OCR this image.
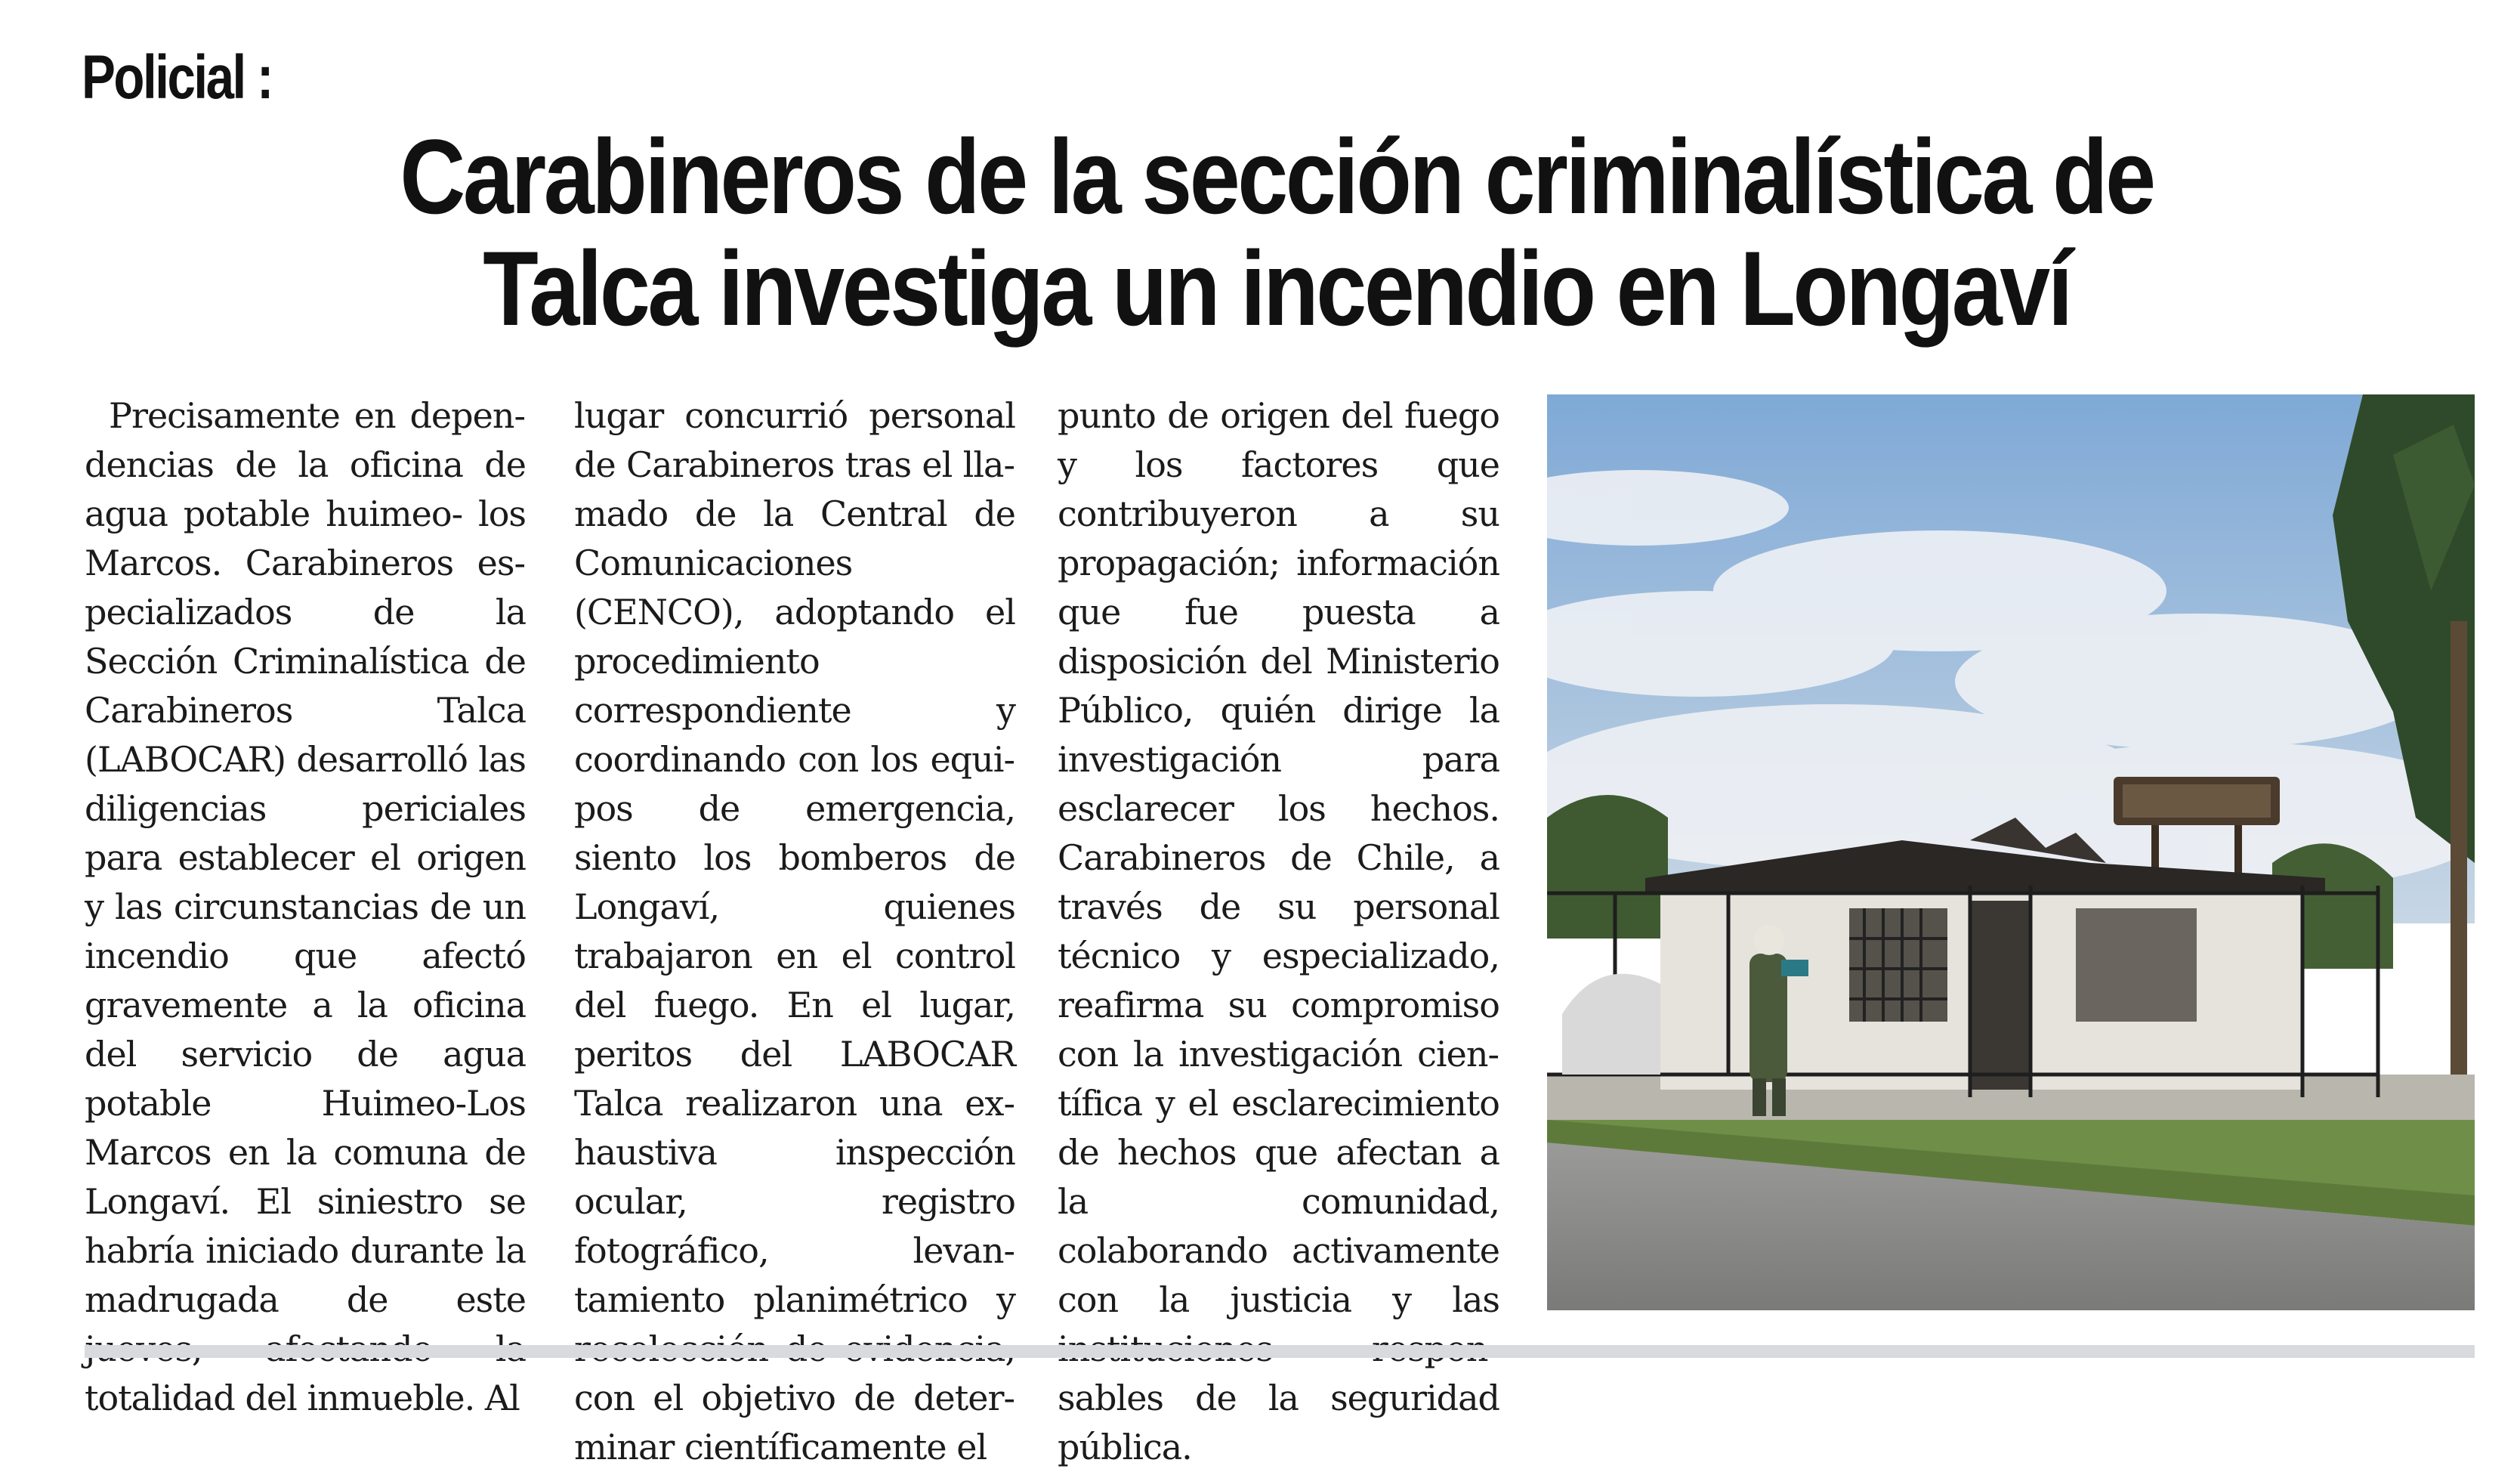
Policial :
Carabineros de la sección criminalística de
Talca investiga un incendio en Longaví

Precisamente en dependencias de la oficina de agua potable huimeo- los Marcos. Carabineros especializados de la Sección Criminalística de Carabineros Talca (LABOCAR) desarrolló las diligencias periciales para establecer el origen y las circunstancias de un incendio que afectó gravemente a la oficina del servicio de agua potable Huimeo-Los Marcos en la comuna de Longaví. El siniestro se habría iniciado durante la madrugada de este totalidad del inmueble. Al

lugar concurrió personal de Carabineros tras el llamado de la Central de Comunicaciones (CENCO), adoptando el procedimiento correspondiente y coordinando con los equipos de emergencia, siento los bomberos de Longaví, quienes trabajaron en el control del fuego. En el lugar, peritos del LABOCAR Talca realizaron una exhaustiva inspección ocular, registro fotográfico, levantamiento planimétrico y con el objetivo de determinar científicamente el

punto de origen del fuego y los factores que contribuyeron a su propagación; información que fue puesta a disposición del Ministerio Público, quién dirige la investigación para esclarecer los hechos. Carabineros de Chile, a través de su personal técnico y especializado, reafirma su compromiso con la investigación científica y el esclarecimiento de hechos que afectan a la comunidad, colaborando activamente con la justicia y las ables de la seguridad pública.
